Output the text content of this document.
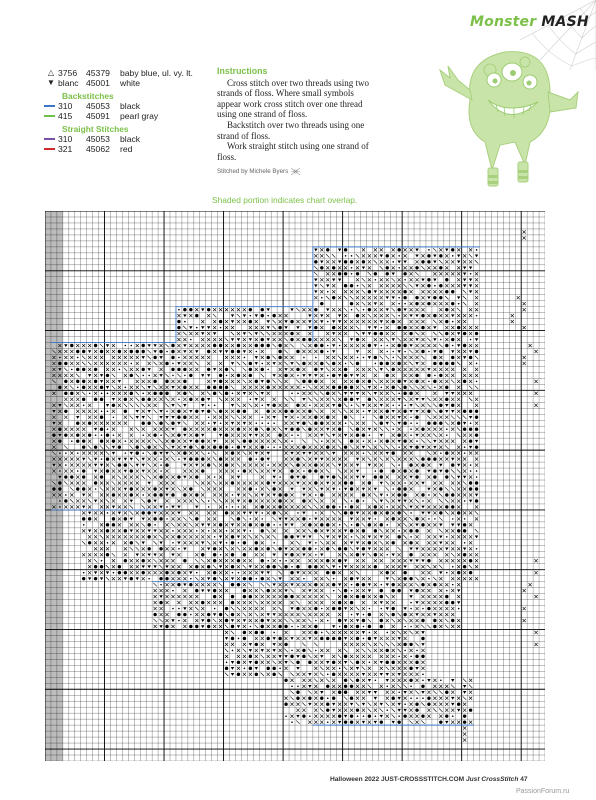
Monster MASH
△ 3756	45379	baby blue, ul. vy. lt.
▼ blanc 45001	white
Backstitches
310	45053	black
415	45091	pearl gray
Straight Stitches
310	45053	black
321	45062	red
Instructions

Cross stitch over two threads using two strands of floss. Where small symbols appear work cross stitch over one thread using one strand of floss.

Backstitch over two threads using one strand of floss.

Work straight stitch using one strand of floss.

Stitched by Michele Byers
Shaded portion indicates chart overlap.
Halloween 2022 JUST-CROSSSTITCH.COM Just CrossStitch 47
PassionForum.ru
